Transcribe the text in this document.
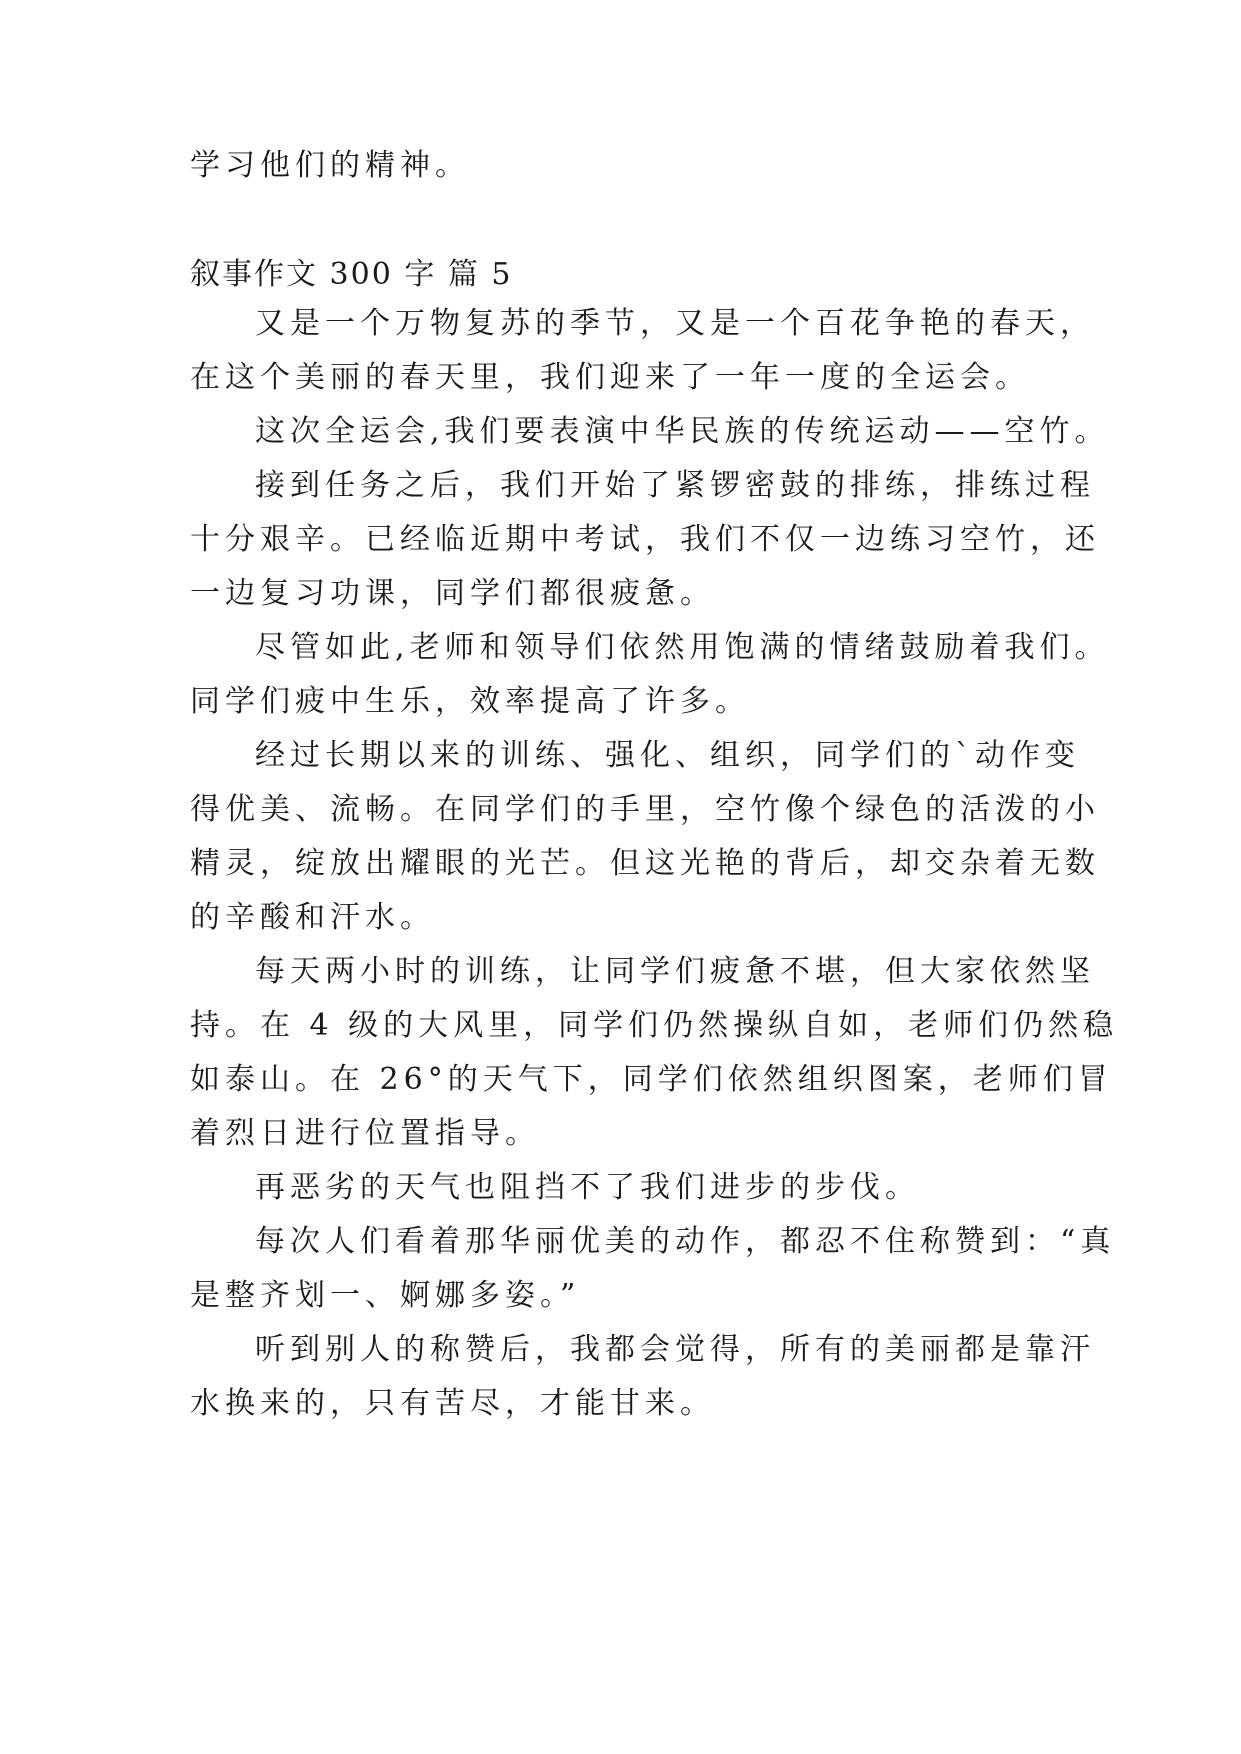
学习他们的精神。
叙事作文 300 字 篇 5
又是一个万物复苏的季节，又是一个百花争艳的春天，
在这个美丽的春天里，我们迎来了一年一度的全运会。
这次全运会,我们要表演中华民族的传统运动——空竹。
接到任务之后，我们开始了紧锣密鼓的排练，排练过程
十分艰辛。已经临近期中考试，我们不仅一边练习空竹，还
一边复习功课，同学们都很疲惫。
尽管如此,老师和领导们依然用饱满的情绪鼓励着我们。
同学们疲中生乐，效率提高了许多。
经过长期以来的训练、强化、组织，同学们的`动作变
得优美、流畅。在同学们的手里，空竹像个绿色的活泼的小
精灵，绽放出耀眼的光芒。但这光艳的背后，却交杂着无数
的辛酸和汗水。
每天两小时的训练，让同学们疲惫不堪，但大家依然坚
持。在 4 级的大风里，同学们仍然操纵自如，老师们仍然稳
如泰山。在 26°的天气下，同学们依然组织图案，老师们冒
着烈日进行位置指导。
再恶劣的天气也阻挡不了我们进步的步伐。
每次人们看着那华丽优美的动作，都忍不住称赞到：“真
是整齐划一、婀娜多姿。”
听到别人的称赞后，我都会觉得，所有的美丽都是靠汗
水换来的，只有苦尽，才能甘来。
